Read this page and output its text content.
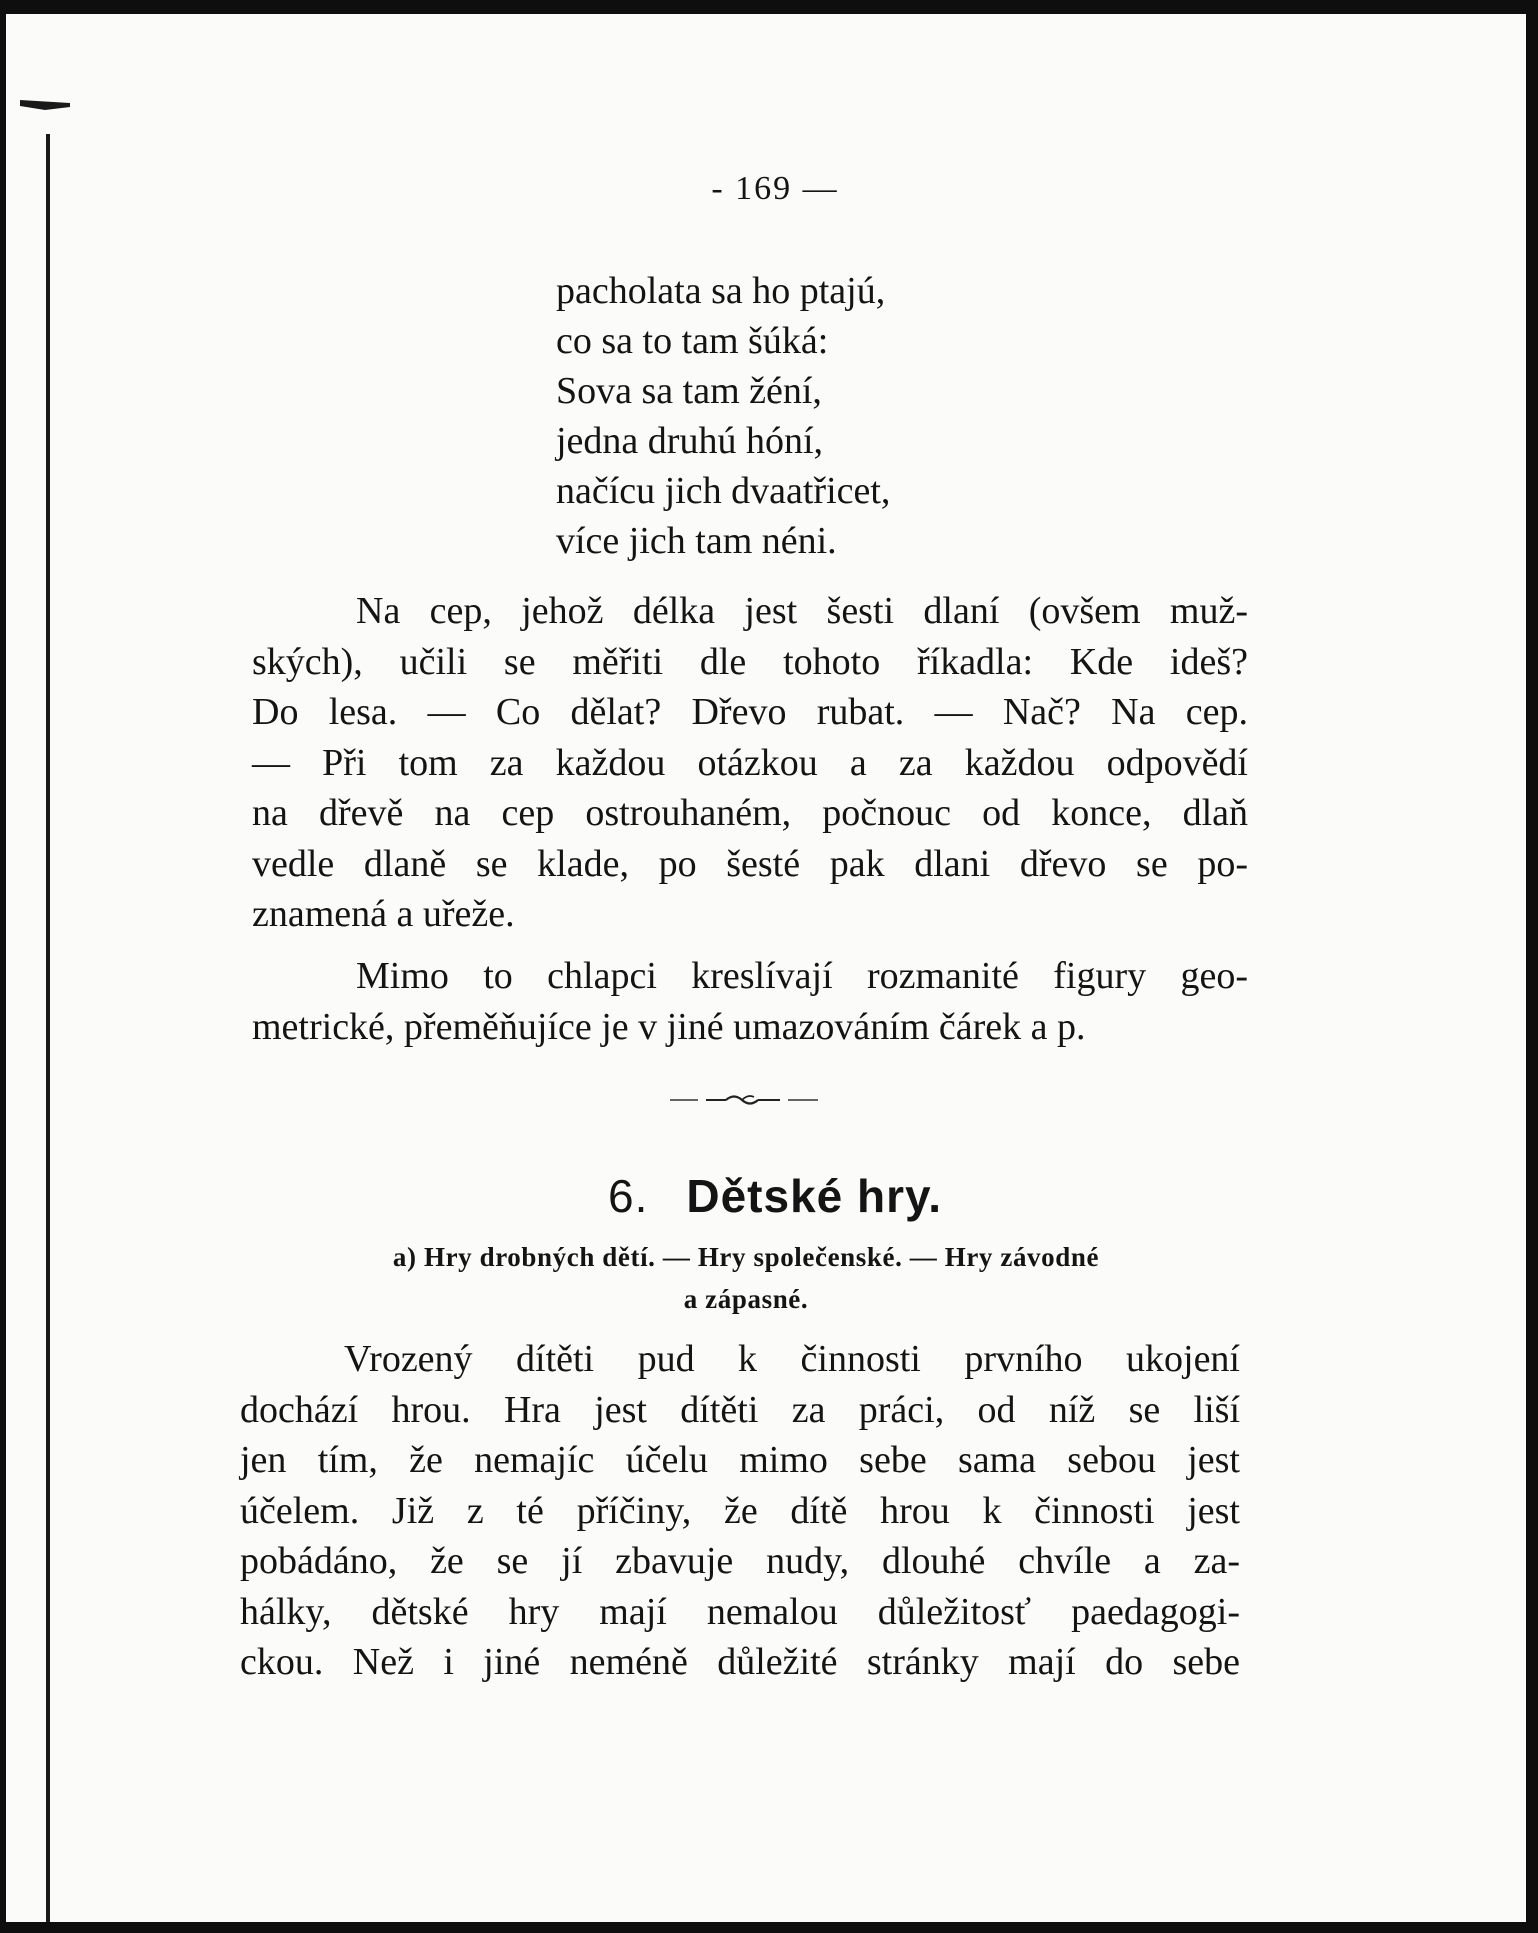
- 169 —
pacholata sa ho ptajú,
co sa to tam šúká:
Sova sa tam žéní,
jedna druhú hóní,
načícu jich dvaatřicet,
více jich tam néni.
Na cep, jehož délka jest šesti dlaní (ovšem muž-
ských), učili se měřiti dle tohoto říkadla: Kde ideš?
Do lesa. — Co dělat? Dřevo rubat. — Nač? Na cep.
— Při tom za každou otázkou a za každou odpovědí
na dřevě na cep ostrouhaném, počnouc od konce, dlaň
vedle dlaně se klade, po šesté pak dlani dřevo se po-
znamená a uřeže.
Mimo to chlapci kreslívají rozmanité figury geo-
metrické, přeměňujíce je v jiné umazováním čárek a p.
6. Dětské hry.
a) Hry drobných dětí. — Hry společenské. — Hry závodné
a zápasné.
Vrozený dítěti pud k činnosti prvního ukojení
dochází hrou. Hra jest dítěti za práci, od níž se liší
jen tím, že nemajíc účelu mimo sebe sama sebou jest
účelem. Již z té příčiny, že dítě hrou k činnosti jest
pobádáno, že se jí zbavuje nudy, dlouhé chvíle a za-
hálky, dětské hry mají nemalou důležitosť paedagogi-
ckou. Než i jiné neméně důležité stránky mají do sebe
